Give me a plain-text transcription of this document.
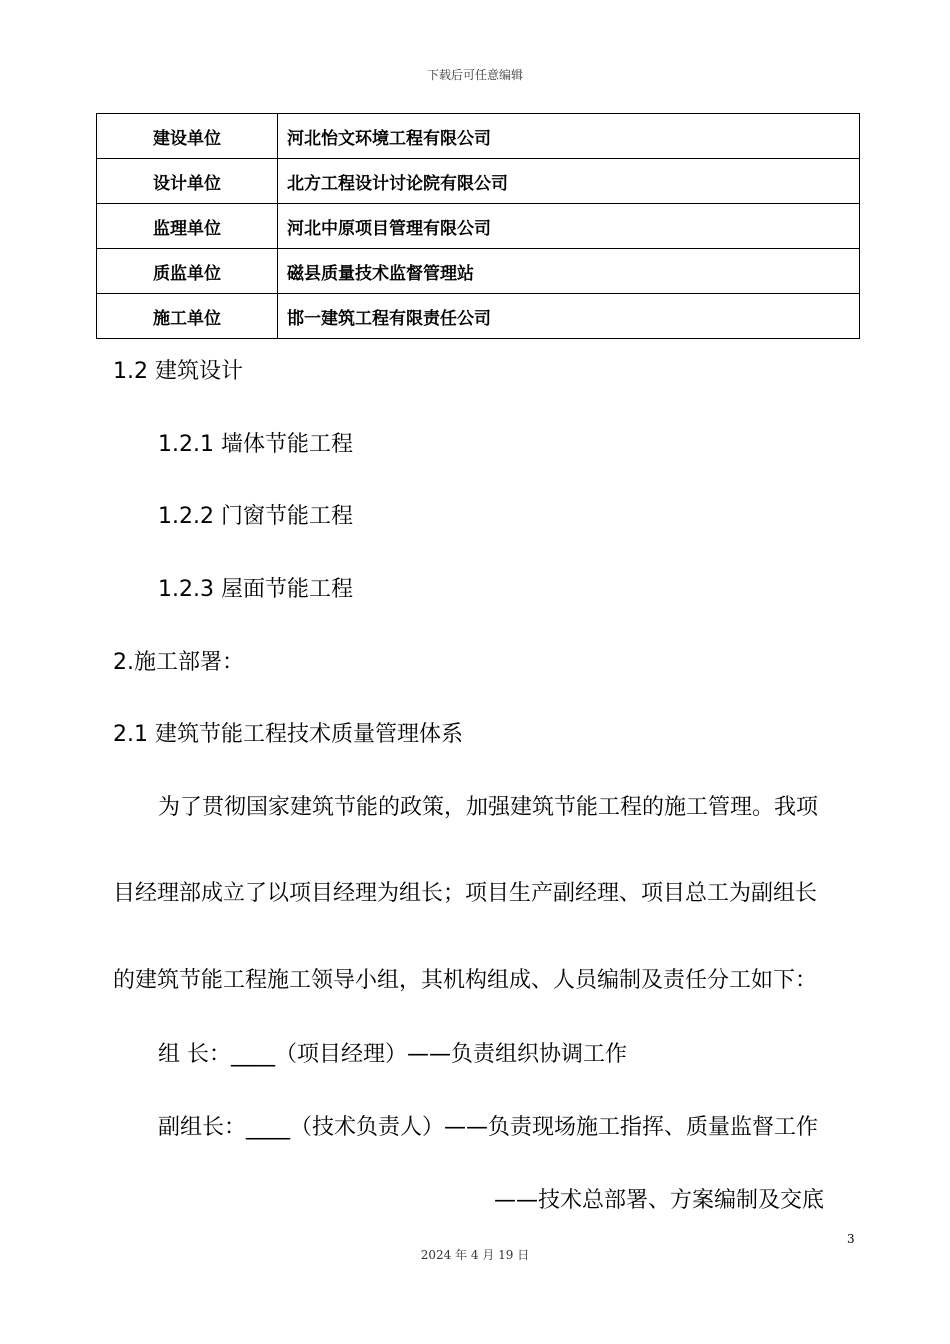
下载后可任意编辑
建设单位	河北怡文环境工程有限公司
设计单位	北方工程设计讨论院有限公司
监理单位	河北中原项目管理有限公司
质监单位	磁县质量技术监督管理站
施工单位	邯一建筑工程有限责任公司
1.2 建筑设计
1.2.1 墙体节能工程
1.2.2 门窗节能工程
1.2.3 屋面节能工程
2.施工部署：
2.1 建筑节能工程技术质量管理体系
为了贯彻国家建筑节能的政策，加强建筑节能工程的施工管理。我项
目经理部成立了以项目经理为组长；项目生产副经理、项目总工为副组长
的建筑节能工程施工领导小组，其机构组成、人员编制及责任分工如下：
组 长：____（项目经理）——负责组织协调工作
副组长：____（技术负责人）——负责现场施工指挥、质量监督工作
——技术总部署、方案编制及交底
3
2024 年 4 月 19 日
